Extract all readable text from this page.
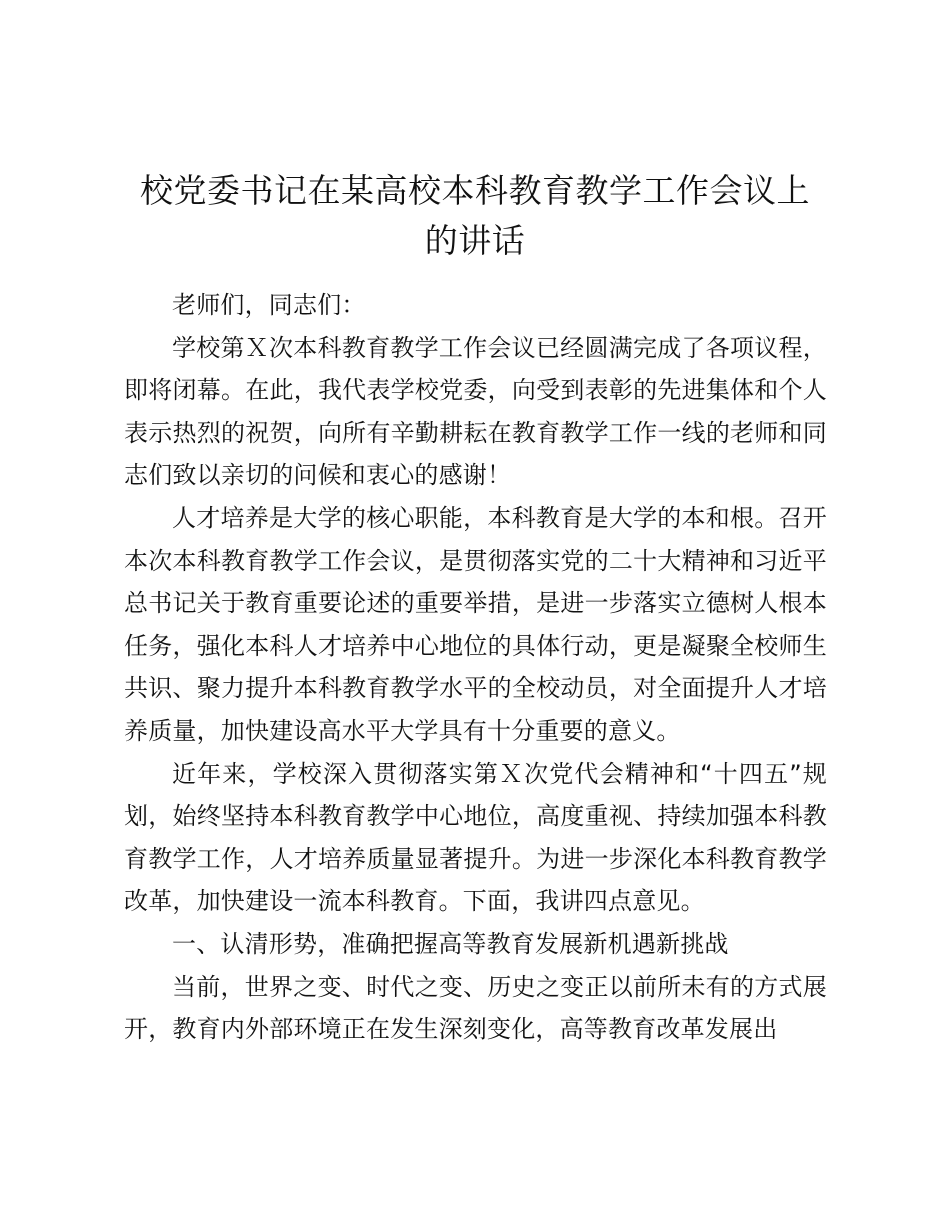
校党委书记在某高校本科教育教学工作会议上
的讲话

老师们，同志们：

学校第Ｘ次本科教育教学工作会议已经圆满完成了各项议程，即将闭幕。在此，我代表学校党委，向受到表彰的先进集体和个人表示热烈的祝贺，向所有辛勤耕耘在教育教学工作一线的老师和同志们致以亲切的问候和衷心的感谢！

人才培养是大学的核心职能，本科教育是大学的本和根。召开本次本科教育教学工作会议，是贯彻落实党的二十大精神和习近平总书记关于教育重要论述的重要举措，是进一步落实立德树人根本任务，强化本科人才培养中心地位的具体行动，更是凝聚全校师生共识、聚力提升本科教育教学水平的全校动员，对全面提升人才培养质量，加快建设高水平大学具有十分重要的意义。

近年来，学校深入贯彻落实第Ｘ次党代会精神和“十四五”规划，始终坚持本科教育教学中心地位，高度重视、持续加强本科教育教学工作，人才培养质量显著提升。为进一步深化本科教育教学改革，加快建设一流本科教育。下面，我讲四点意见。

一、认清形势，准确把握高等教育发展新机遇新挑战

当前，世界之变、时代之变、历史之变正以前所未有的方式展开，教育内外部环境正在发生深刻变化，高等教育改革发展出
